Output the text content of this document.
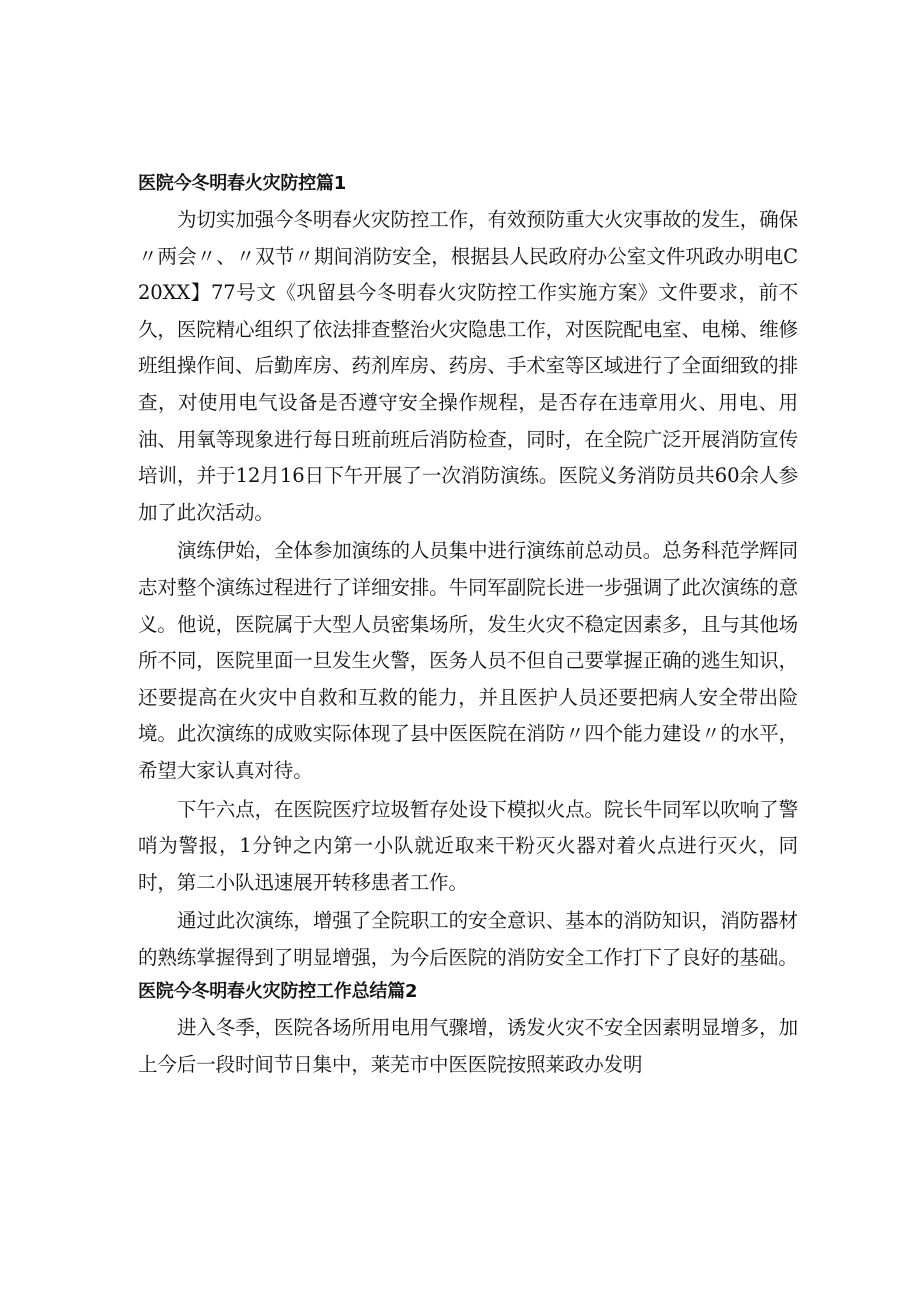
医院今冬明春火灾防控篇1

为切实加强今冬明春火灾防控工作，有效预防重大火灾事故的发生，确保〃两会〃、〃双节〃期间消防安全，根据县人民政府办公室文件巩政办明电C20XX】77号文《巩留县今冬明春火灾防控工作实施方案》文件要求，前不久，医院精心组织了依法排查整治火灾隐患工作，对医院配电室、电梯、维修班组操作间、后勤库房、药剂库房、药房、手术室等区域进行了全面细致的排查，对使用电气设备是否遵守安全操作规程，是否存在违章用火、用电、用油、用氧等现象进行每日班前班后消防检查，同时，在全院广泛开展消防宣传培训，并于12月16日下午开展了一次消防演练。医院义务消防员共60余人参加了此次活动。

演练伊始，全体参加演练的人员集中进行演练前总动员。总务科范学辉同志对整个演练过程进行了详细安排。牛同军副院长进一步强调了此次演练的意义。他说，医院属于大型人员密集场所，发生火灾不稳定因素多，且与其他场所不同，医院里面一旦发生火警，医务人员不但自己要掌握正确的逃生知识，还要提高在火灾中自救和互救的能力，并且医护人员还要把病人安全带出险境。此次演练的成败实际体现了县中医医院在消防〃四个能力建设〃的水平，希望大家认真对待。

下午六点，在医院医疗垃圾暂存处设下模拟火点。院长牛同军以吹响了警哨为警报，1分钟之内第一小队就近取来干粉灭火器对着火点进行灭火，同时，第二小队迅速展开转移患者工作。

通过此次演练，增强了全院职工的安全意识、基本的消防知识，消防器材的熟练掌握得到了明显增强，为今后医院的消防安全工作打下了良好的基础。

医院今冬明春火灾防控工作总结篇2

进入冬季，医院各场所用电用气骤增，诱发火灾不安全因素明显增多，加上今后一段时间节日集中，莱芜市中医医院按照莱政办发明
